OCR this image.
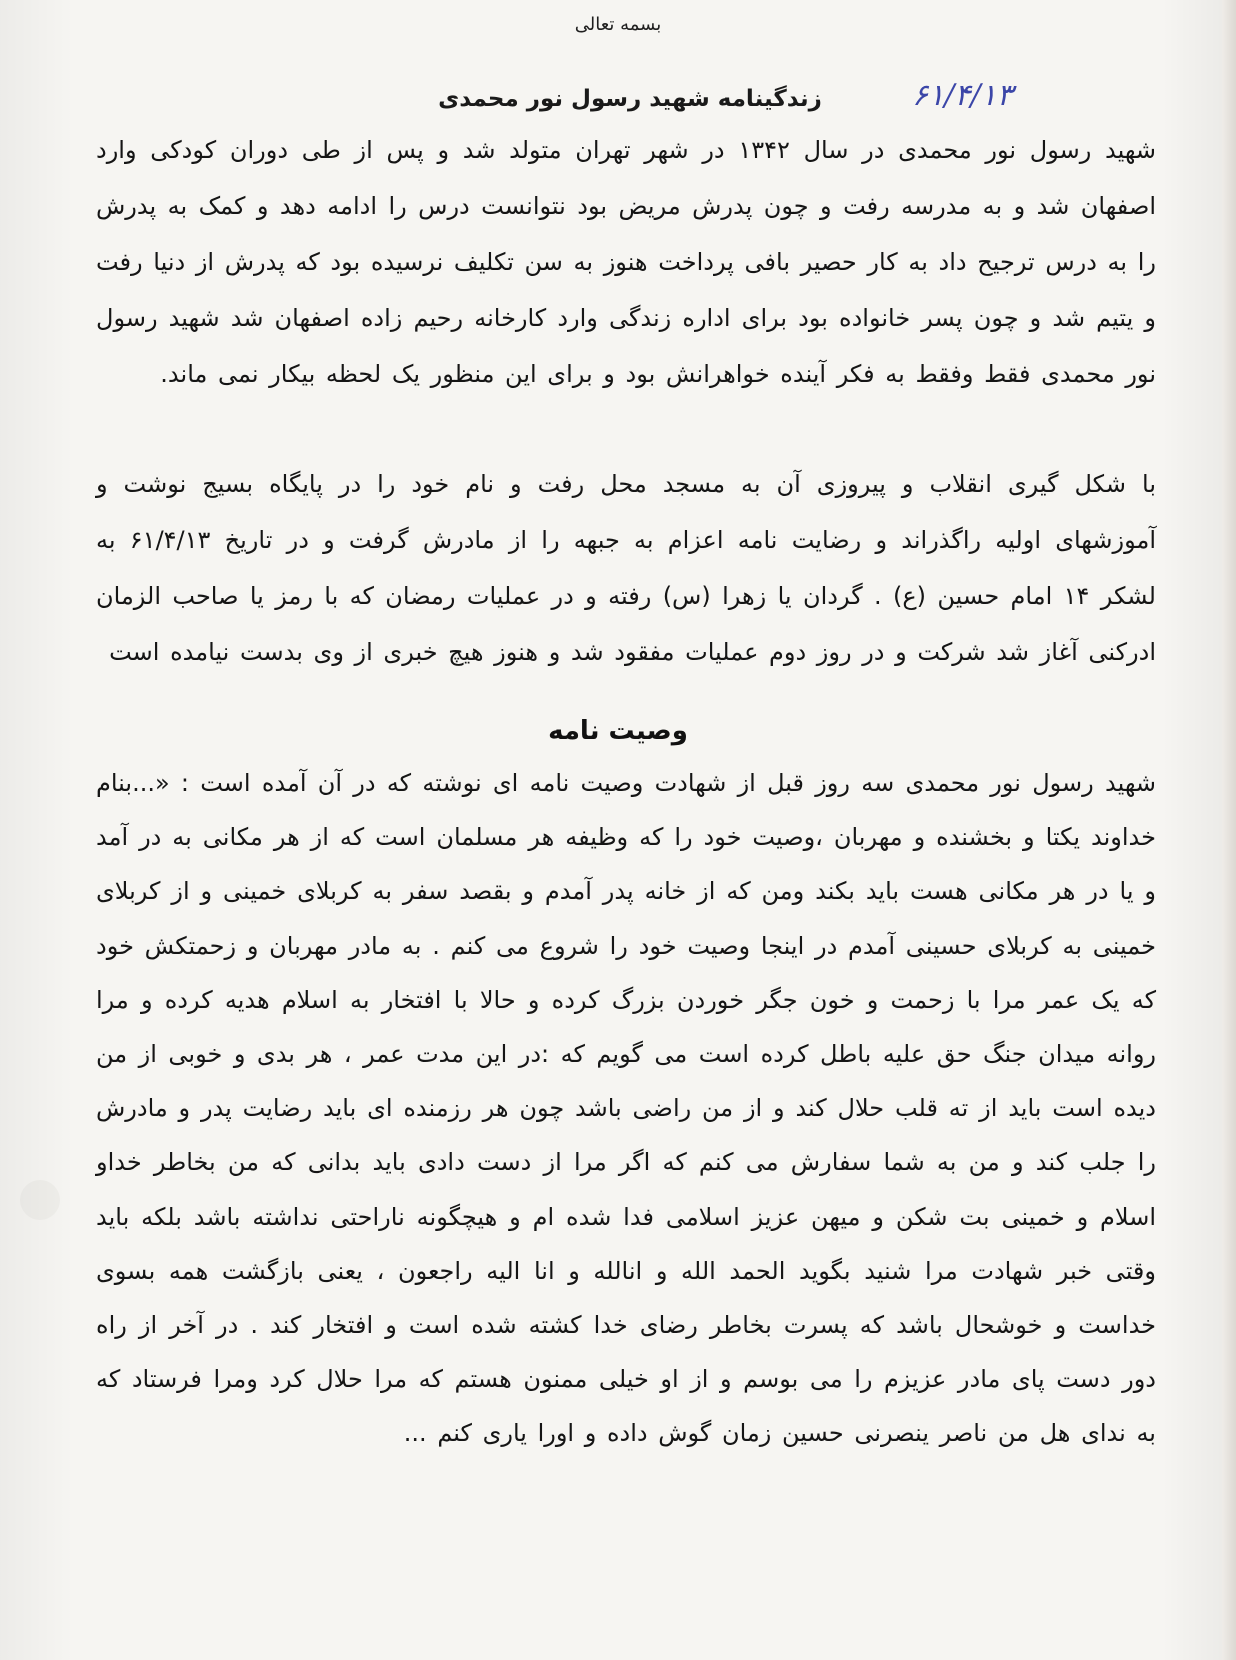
بسمه تعالی
زندگینامه شهید رسول نور محمدی	۶۱/۴/۱۳

شهید رسول نور محمدی در سال ۱۳۴۲ در شهر تهران متولد شد و پس از طی دوران کودکی وارد اصفهان شد و به مدرسه رفت و چون پدرش مریض بود نتوانست درس را ادامه دهد و کمک به پدرش را به درس ترجیح داد به کار حصیر بافی پرداخت هنوز به سن تکلیف نرسیده بود که پدرش از دنیا رفت و یتیم شد و چون پسر خانواده بود برای اداره زندگی وارد کارخانه رحیم زاده اصفهان شد شهید رسول نور محمدی فقط وفقط به فکر آینده خواهرانش بود و برای این منظور یک لحظه بیکار نمی ماند.

با شکل گیری انقلاب و پیروزی آن به مسجد محل رفت و نام خود را در پایگاه بسیج نوشت و آموزشهای اولیه راگذراند و رضایت نامه اعزام به جبهه را از مادرش گرفت و در تاریخ ۶۱/۴/۱۳ به لشکر ۱۴ امام حسین (ع) . گردان یا زهرا (س) رفته و در عملیات رمضان که با رمز یا صاحب الزمان ادرکنی آغاز شد شرکت و در روز دوم عملیات مفقود شد و هنوز هیچ خبری از وی بدست نیامده است

وصیت نامه

شهید رسول نور محمدی سه روز قبل از شهادت وصیت نامه ای نوشته که در آن آمده است : «...بنام خداوند یکتا و بخشنده و مهربان ،وصیت خود را که وظیفه هر مسلمان است که از هر مکانی به در آمد و یا در هر مکانی هست باید بکند ومن که از خانه پدر آمدم و بقصد سفر به کربلای خمینی و از کربلای خمینی به کربلای حسینی آمدم در اینجا وصیت خود را شروع می کنم . به مادر مهربان و زحمتکش خود که یک عمر مرا با زحمت و خون جگر خوردن بزرگ کرده و حالا با افتخار به اسلام هدیه کرده و مرا روانه میدان جنگ حق علیه باطل کرده است می گویم که :در این مدت عمر ، هر بدی و خوبی از من دیده است باید از ته قلب حلال کند و از من راضی باشد چون هر رزمنده ای باید رضایت پدر و مادرش را جلب کند و من به شما سفارش می کنم که اگر مرا از دست دادی باید بدانی که من بخاطر خداو اسلام و خمینی بت شکن و میهن عزیز اسلامی فدا شده ام و هیچگونه ناراحتی نداشته باشد بلکه باید وقتی خبر شهادت مرا شنید بگوید الحمد الله و انالله و انا الیه راجعون ، یعنی بازگشت همه بسوی خداست و خوشحال باشد که پسرت بخاطر رضای خدا کشته شده است و افتخار کند . در آخر از راه دور دست پای مادر عزیزم را می بوسم و از او خیلی ممنون هستم که مرا حلال کرد ومرا فرستاد که به ندای هل من ناصر ینصرنی حسین زمان گوش داده و اورا یاری کنم ...
